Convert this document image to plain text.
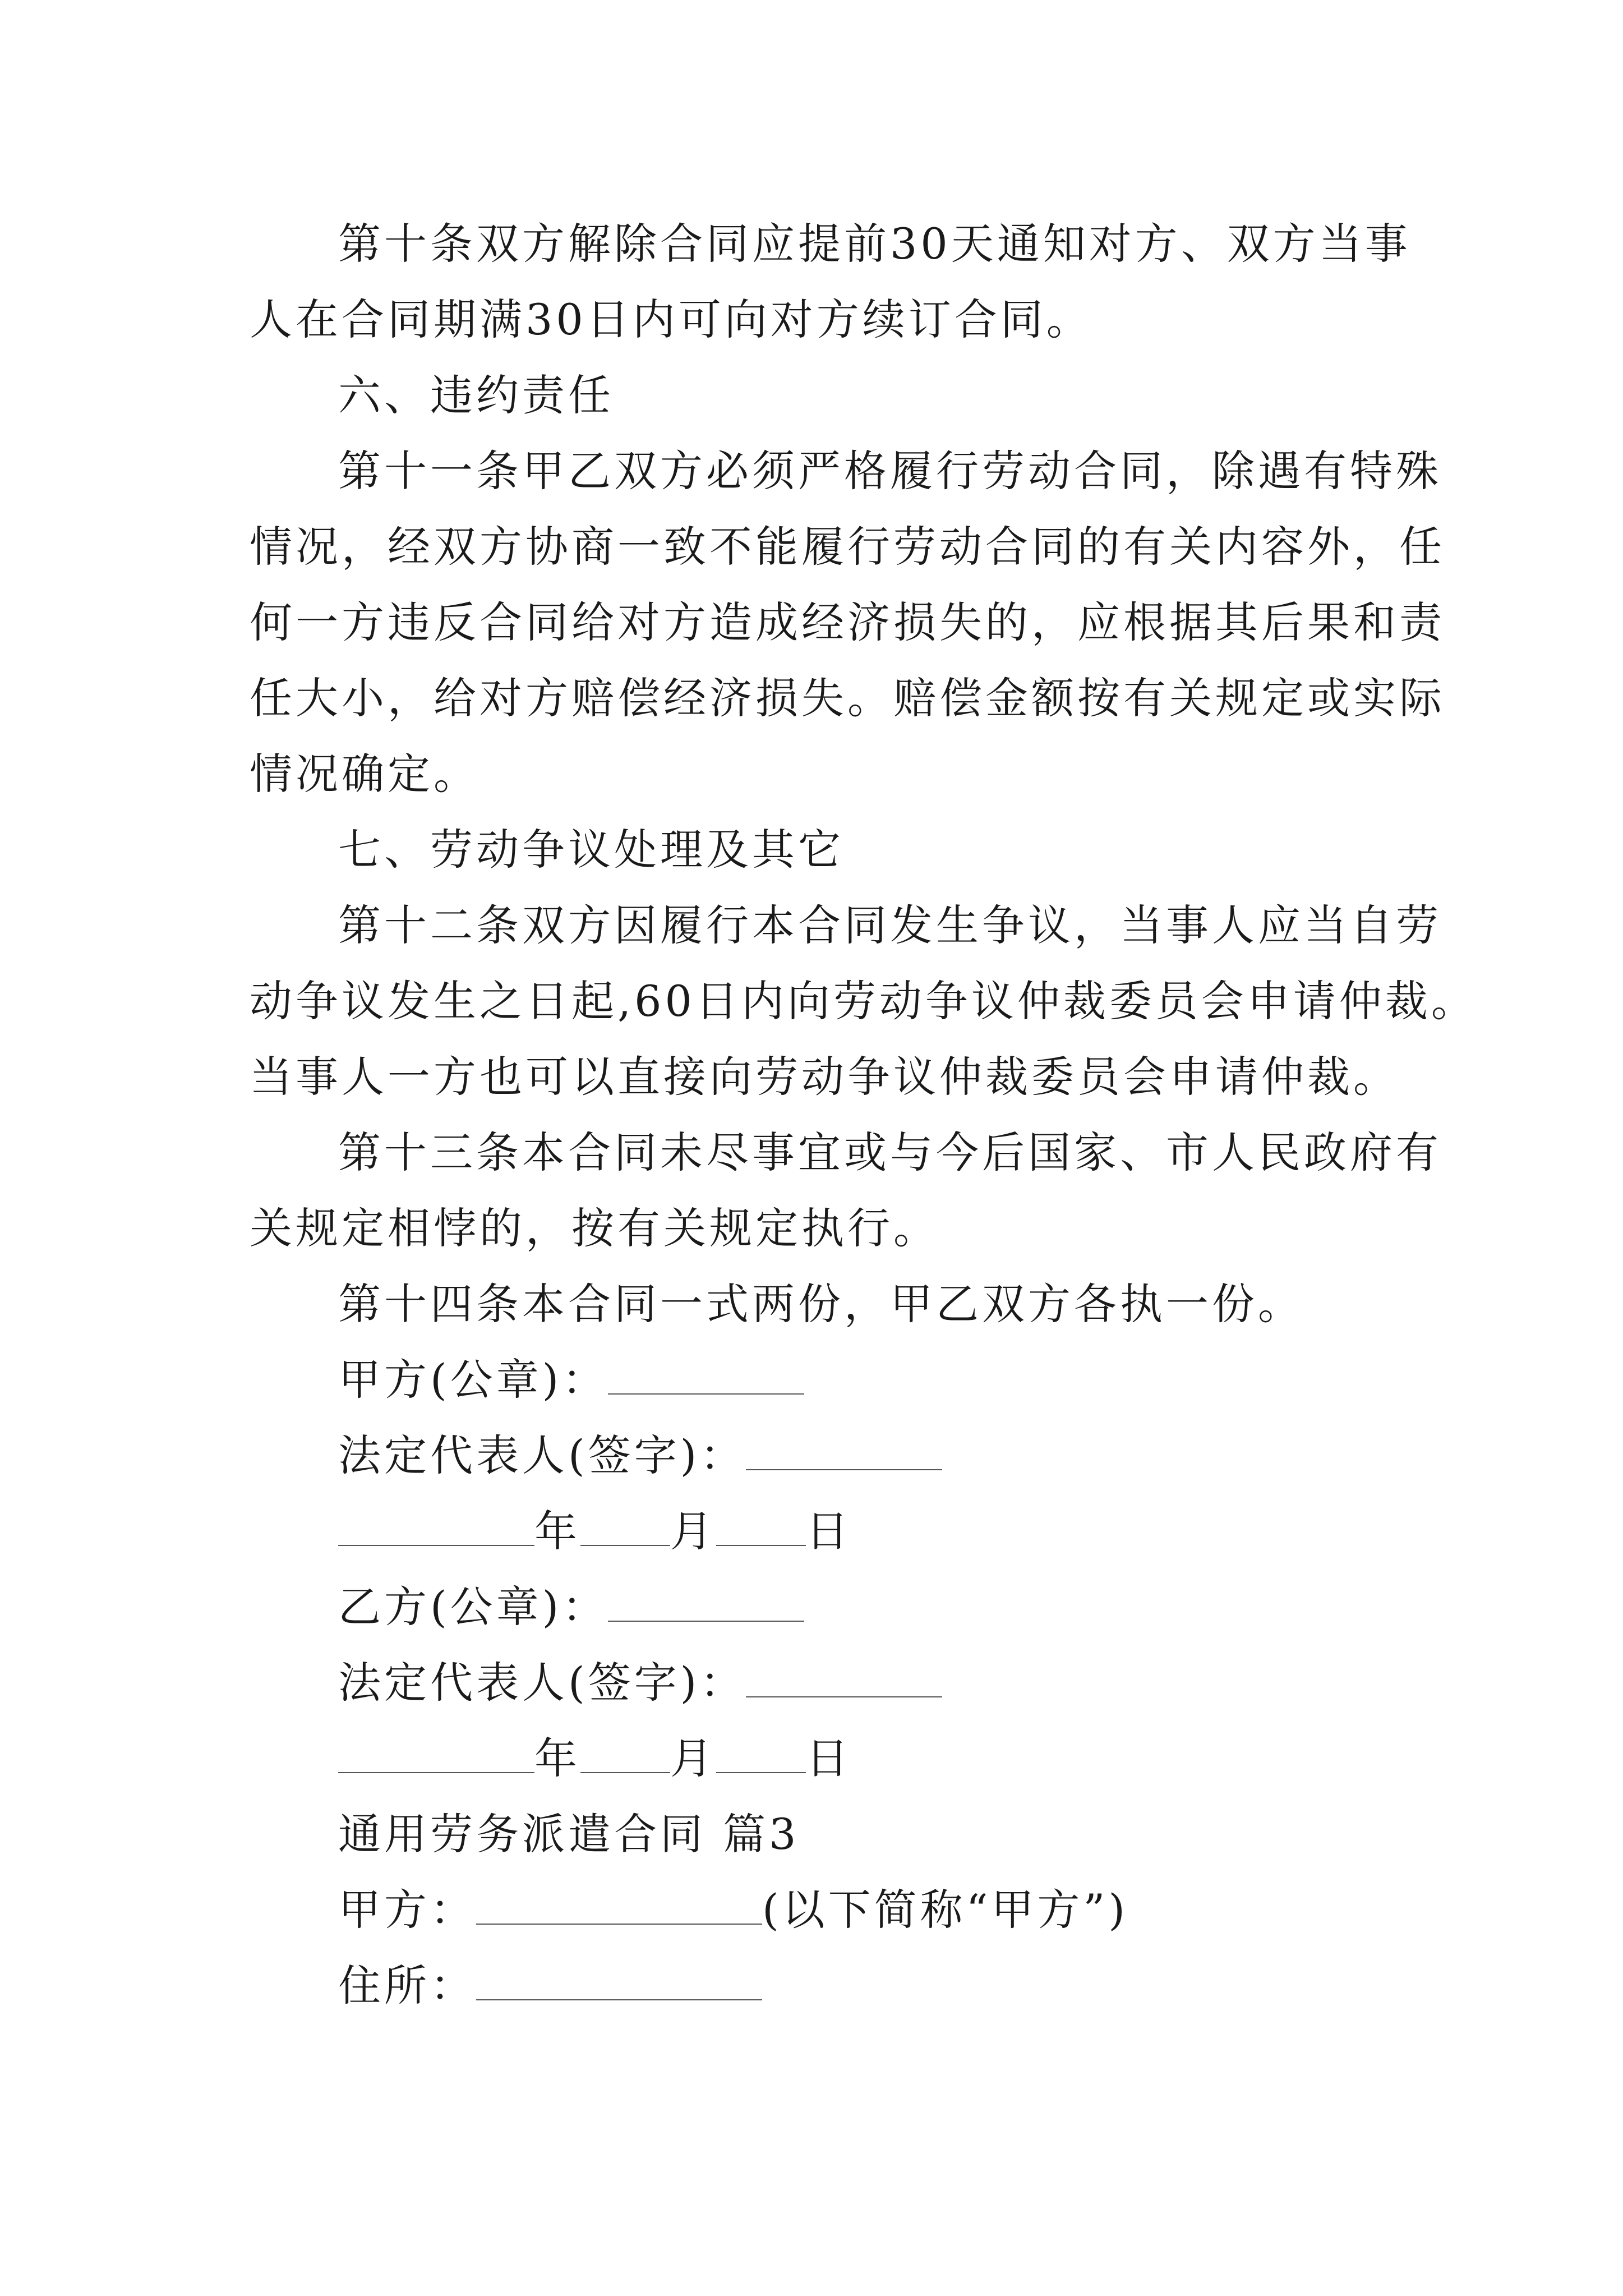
第十条双方解除合同应提前30天通知对方、双方当事
人在合同期满30日内可向对方续订合同。
六、违约责任
第十一条甲乙双方必须严格履行劳动合同，除遇有特殊
情况，经双方协商一致不能履行劳动合同的有关内容外，任
何一方违反合同给对方造成经济损失的，应根据其后果和责
任大小，给对方赔偿经济损失。赔偿金额按有关规定或实际
情况确定。
七、劳动争议处理及其它
第十二条双方因履行本合同发生争议，当事人应当自劳
动争议发生之日起,60日内向劳动争议仲裁委员会申请仲裁。
当事人一方也可以直接向劳动争议仲裁委员会申请仲裁。
第十三条本合同未尽事宜或与今后国家、市人民政府有
关规定相悖的，按有关规定执行。
第十四条本合同一式两份，甲乙双方各执一份。
甲方(公章)：
法定代表人(签字)：
年 月 日
乙方(公章)：
法定代表人(签字)：
年 月 日
通用劳务派遣合同 篇3
甲方：	(以下简称“甲方”)
住所：
